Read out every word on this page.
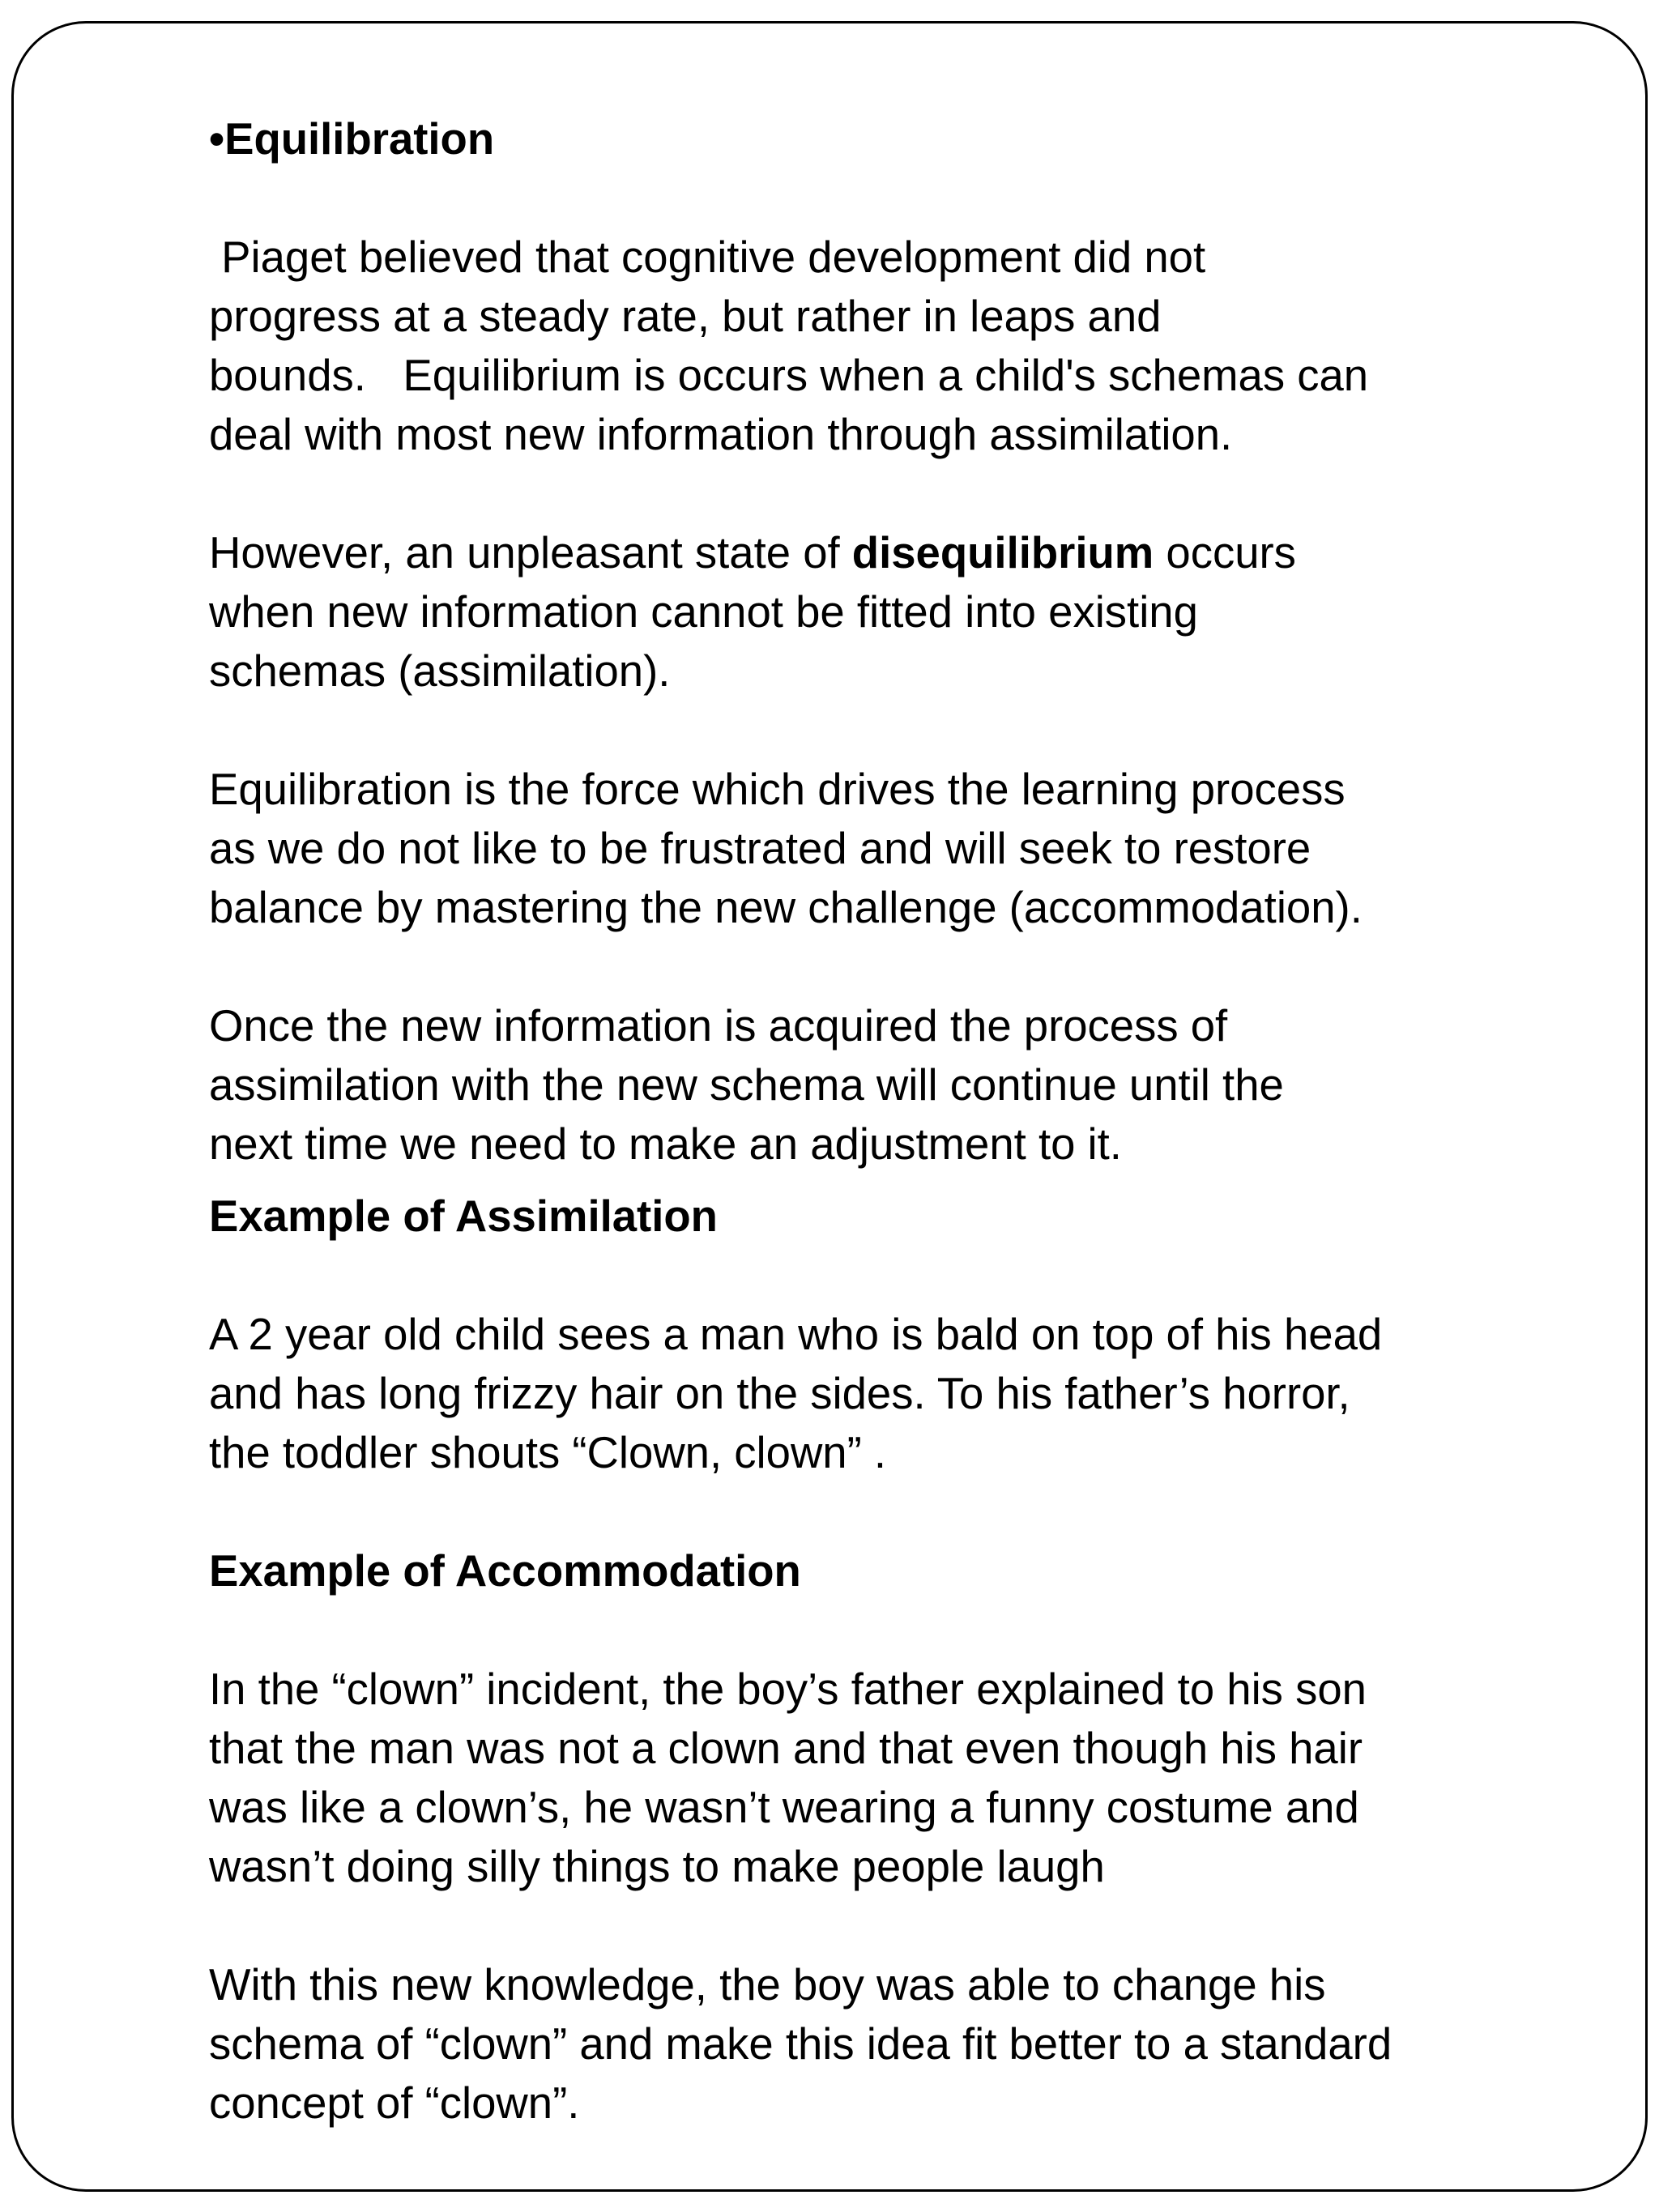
•Equilibration
Piaget believed that cognitive development did not
progress at a steady rate, but rather in leaps and
bounds.   Equilibrium is occurs when a child's schemas can
deal with most new information through assimilation.
However, an unpleasant state of disequilibrium occurs
when new information cannot be fitted into existing
schemas (assimilation).
Equilibration is the force which drives the learning process
as we do not like to be frustrated and will seek to restore
balance by mastering the new challenge (accommodation).
Once the new information is acquired the process of
assimilation with the new schema will continue until the
next time we need to make an adjustment to it.
Example of Assimilation
A 2 year old child sees a man who is bald on top of his head
and has long frizzy hair on the sides. To his father’s horror,
the toddler shouts “Clown, clown” .
Example of Accommodation
In the “clown” incident, the boy’s father explained to his son
that the man was not a clown and that even though his hair
was like a clown’s, he wasn’t wearing a funny costume and
wasn’t doing silly things to make people laugh
With this new knowledge, the boy was able to change his
schema of “clown” and make this idea fit better to a standard
concept of “clown”.
